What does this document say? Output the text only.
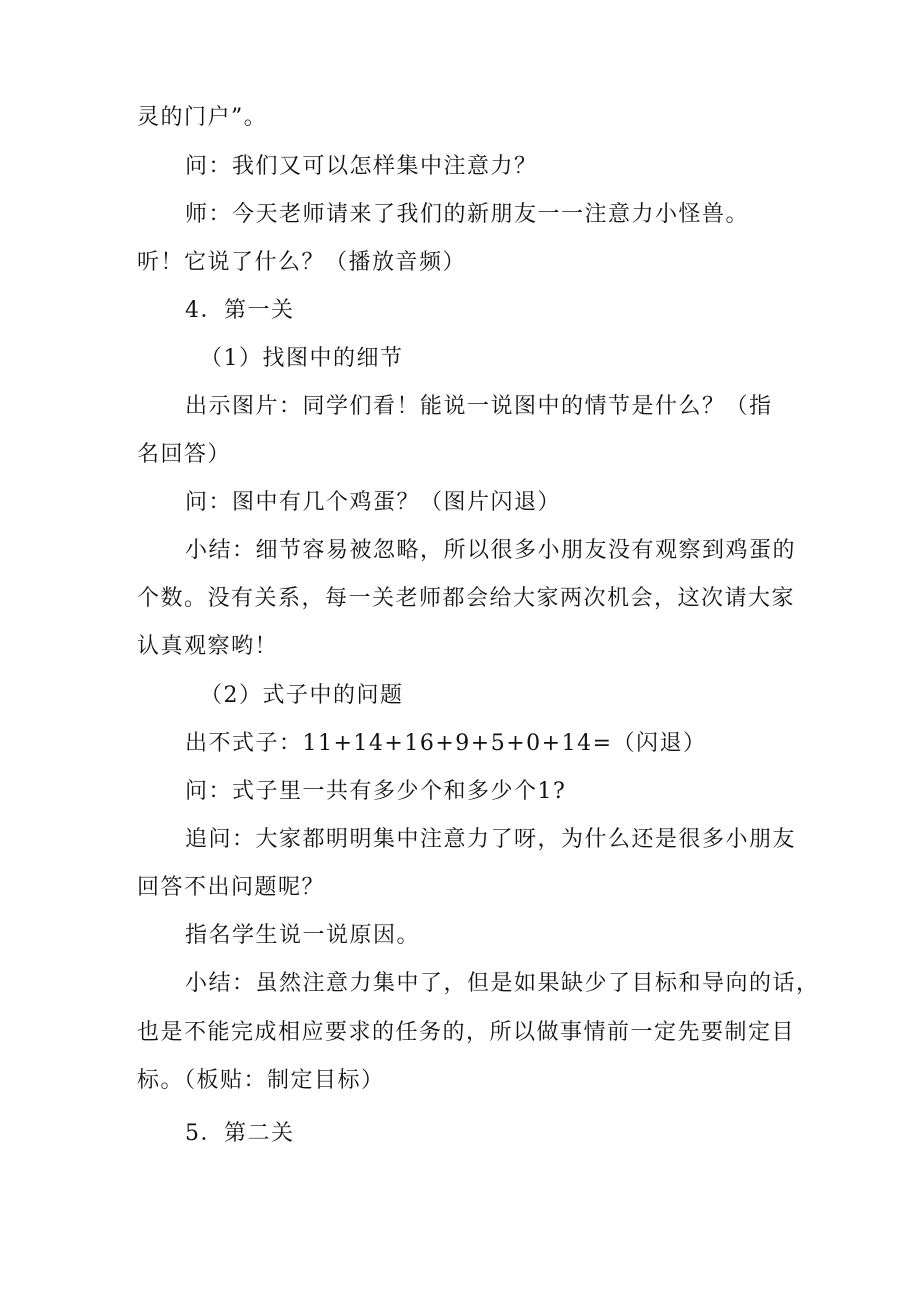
灵的门户”。
问：我们又可以怎样集中注意力？
师：今天老师请来了我们的新朋友一一注意力小怪兽。
听！它说了什么？（播放音频）
4．第一关
（1）找图中的细节
出示图片：同学们看！能说一说图中的情节是什么？（指
名回答）
问：图中有几个鸡蛋？（图片闪退）
小结：细节容易被忽略，所以很多小朋友没有观察到鸡蛋的
个数。没有关系，每一关老师都会给大家两次机会，这次请大家
认真观察哟！
（2）式子中的问题
出不式子：11+14+16+9+5+0+14=（闪退）
问：式子里一共有多少个和多少个1?
追问：大家都明明集中注意力了呀，为什么还是很多小朋友
回答不出问题呢？
指名学生说一说原因。
小结：虽然注意力集中了，但是如果缺少了目标和导向的话，
也是不能完成相应要求的任务的，所以做事情前一定先要制定目
标。（板贴：制定目标）
5．第二关
